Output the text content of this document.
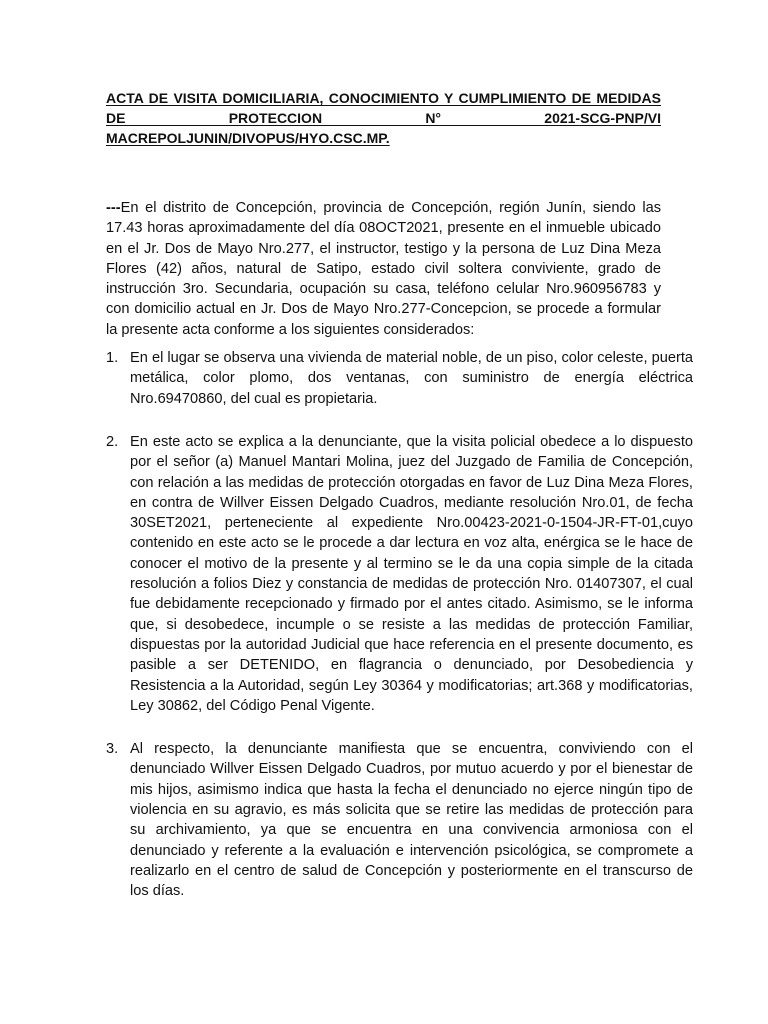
ACTA DE VISITA DOMICILIARIA, CONOCIMIENTO Y CUMPLIMIENTO DE MEDIDAS
DE PROTECCION N° 2021-SCG-PNP/VI
MACREPOLJUNIN/DIVOPUS/HYO.CSC.MP.

---En el distrito de Concepción, provincia de Concepción, región Junín, siendo las 17.43 horas aproximadamente del día 08OCT2021, presente en el inmueble ubicado en el Jr. Dos de Mayo Nro.277, el instructor, testigo y la persona de Luz Dina Meza Flores (42) años, natural de Satipo, estado civil soltera conviviente, grado de instrucción 3ro. Secundaria, ocupación su casa, teléfono celular Nro.960956783 y con domicilio actual en Jr. Dos de Mayo Nro.277-Concepcion, se procede a formular la presente acta conforme a los siguientes considerados:

1. En el lugar se observa una vivienda de material noble, de un piso, color celeste, puerta metálica, color plomo, dos ventanas, con suministro de energía eléctrica Nro.69470860, del cual es propietaria.
2. En este acto se explica a la denunciante, que la visita policial obedece a lo dispuesto por el señor (a) Manuel Mantari Molina, juez del Juzgado de Familia de Concepción, con relación a las medidas de protección otorgadas en favor de Luz Dina Meza Flores, en contra de Willver Eissen Delgado Cuadros, mediante resolución Nro.01, de fecha 30SET2021, perteneciente al expediente Nro.00423-2021-0-1504-JR-FT-01,cuyo contenido en este acto se le procede a dar lectura en voz alta, enérgica se le hace de conocer el motivo de la presente y al termino se le da una copia simple de la citada resolución a folios Diez y constancia de medidas de protección Nro. 01407307, el cual fue debidamente recepcionado y firmado por el antes citado. Asimismo, se le informa que, si desobedece, incumple o se resiste a las medidas de protección Familiar, dispuestas por la autoridad Judicial que hace referencia en el presente documento, es pasible a ser DETENIDO, en flagrancia o denunciado, por Desobediencia y Resistencia a la Autoridad, según Ley 30364 y modificatorias; art.368 y modificatorias, Ley 30862, del Código Penal Vigente.
3. Al respecto, la denunciante manifiesta que se encuentra, conviviendo con el denunciado Willver Eissen Delgado Cuadros, por mutuo acuerdo y por el bienestar de mis hijos, asimismo indica que hasta la fecha el denunciado no ejerce ningún tipo de violencia en su agravio, es más solicita que se retire las medidas de protección para su archivamiento, ya que se encuentra en una convivencia armoniosa con el denunciado y referente a la evaluación e intervención psicológica, se compromete a realizarlo en el centro de salud de Concepción y posteriormente en el transcurso de los días.
